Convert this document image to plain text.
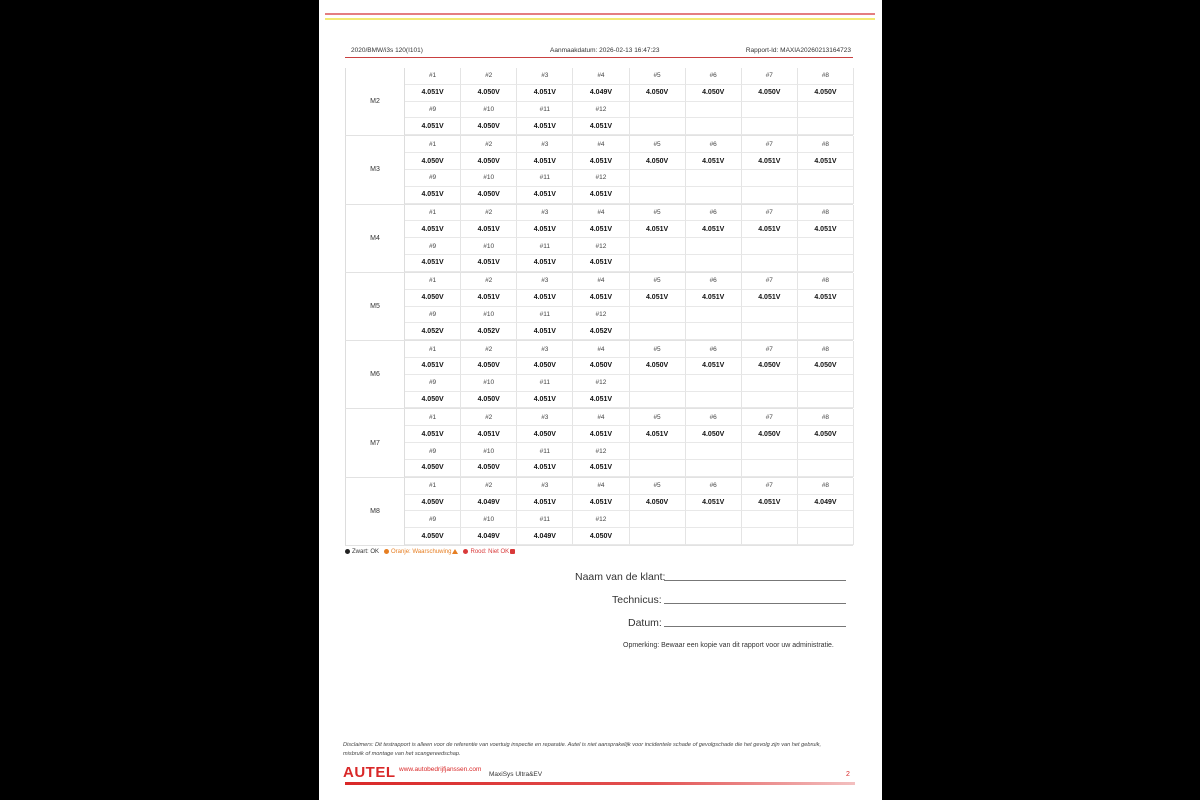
2020/BMW/i3s 120(I101)	Aanmaakdatum: 2026-02-13 16:47:23	Rapport-Id: MAXIA20260213164723
M2
#1	#2	#3	#4	#5	#6	#7	#8
4.051V	4.050V	4.051V	4.049V	4.050V	4.050V	4.050V	4.050V
#9	#10	#11	#12
4.051V	4.050V	4.051V	4.051V
M3
#1	#2	#3	#4	#5	#6	#7	#8
4.050V	4.050V	4.051V	4.051V	4.050V	4.051V	4.051V	4.051V
#9	#10	#11	#12
4.051V	4.050V	4.051V	4.051V
M4
#1	#2	#3	#4	#5	#6	#7	#8
4.051V	4.051V	4.051V	4.051V	4.051V	4.051V	4.051V	4.051V
#9	#10	#11	#12
4.051V	4.051V	4.051V	4.051V
M5
#1	#2	#3	#4	#5	#6	#7	#8
4.050V	4.051V	4.051V	4.051V	4.051V	4.051V	4.051V	4.051V
#9	#10	#11	#12
4.052V	4.052V	4.051V	4.052V
M6
#1	#2	#3	#4	#5	#6	#7	#8
4.051V	4.050V	4.050V	4.050V	4.050V	4.051V	4.050V	4.050V
#9	#10	#11	#12
4.050V	4.050V	4.051V	4.051V
M7
#1	#2	#3	#4	#5	#6	#7	#8
4.051V	4.051V	4.050V	4.051V	4.051V	4.050V	4.050V	4.050V
#9	#10	#11	#12
4.050V	4.050V	4.051V	4.051V
M8
#1	#2	#3	#4	#5	#6	#7	#8
4.050V	4.049V	4.051V	4.051V	4.050V	4.051V	4.051V	4.049V
#9	#10	#11	#12
4.050V	4.049V	4.049V	4.050V
Zwart: OK	Oranje: Waarschuwing	Rood: Niet OK
Naam van de klant:
Technicus:
Datum:
Opmerking: Bewaar een kopie van dit rapport voor uw administratie.
Disclaimers: Dit testrapport is alleen voor de referentie van voertuig inspectie en reparatie. Autel is niet aansprakelijk voor incidentele schade of gevolgschade die het gevolg zijn van het gebruik, misbruik of montage van het scangereedschap.
AUTEL www.autobedrijfjanssen.com
MaxiSys Ultra&EV	2
